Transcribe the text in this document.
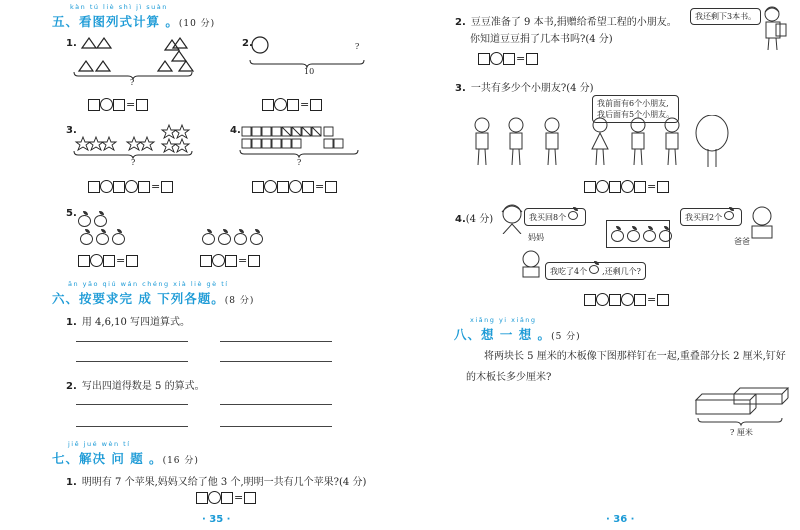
kàn tú liè shì jì suàn
五、看图列式计算 。(10 分)
1.
?
=
2.	?
10
=
3.
?
=
4.
?
=
5.
=	=
ān yāo qiú wán chéng xià liè gè tí
六、按要求完 成 下列各题。(8 分)
1. 用 4,6,10 写四道算式。
2. 写出四道得数是 5 的算式。
jiě jué wèn tí
七、解决 问 题 。(16 分)
1. 明明有 7 个苹果,妈妈又给了他 3 个,明明一共有几个苹果?(4 分)
=
· 35 ·
2. 豆豆准备了 9 本书,捐赠给希望工程的小朋友。
你知道豆豆捐了几本书吗?(4 分)
我还剩下3本书。
=
3. 一共有多少个小朋友?(4 分)
我前面有6个小朋友,
我后面有5个小朋友。
=
4.(4 分)
妈妈
我买回8个	我买回2个
爸爸
我吃了4个 ,还剩几个?
=
xiǎng yi xiǎng
八、想 一 想 。(5 分)
将两块长 5 厘米的木板像下图那样钉在一起,重叠部分长 2 厘米,钉好
的木板长多少厘米?
? 厘米
· 36 ·
